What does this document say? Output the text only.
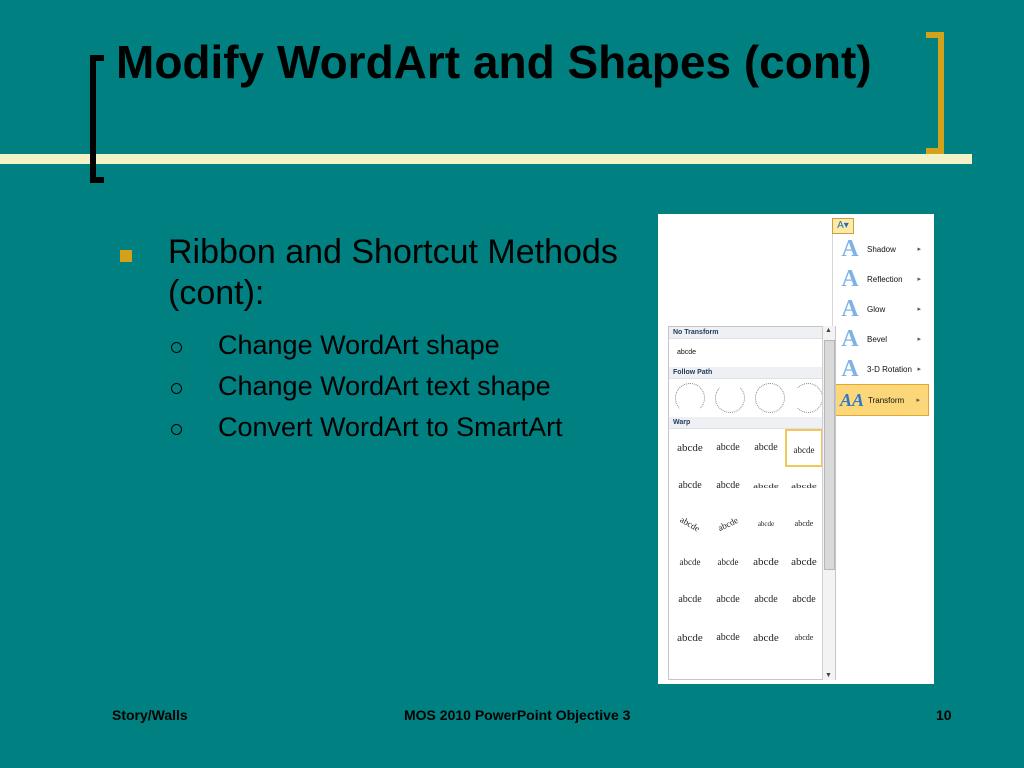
Modify WordArt and Shapes (cont)
Ribbon and Shortcut Methods (cont):
Change WordArt shape
Change WordArt text shape
Convert WordArt to SmartArt
A▾
A Shadow	▸
A Reflection ▸
A Glow	▸
A Bevel	▸
A 3-D Rotation ▸
AA Transform ▸
No Transform
abcde
Follow Path
Warp
abcde	abcde	abcde	abcde
abcde	abcde	abcde	abcde
abcde	abcde	abcde	abcde
abcde	abcde	abcde	abcde
abcde	abcde	abcde	abcde
abcde	abcde	abcde	abcde
▲
▼
Story/Walls	MOS 2010 PowerPoint Objective 3	10
